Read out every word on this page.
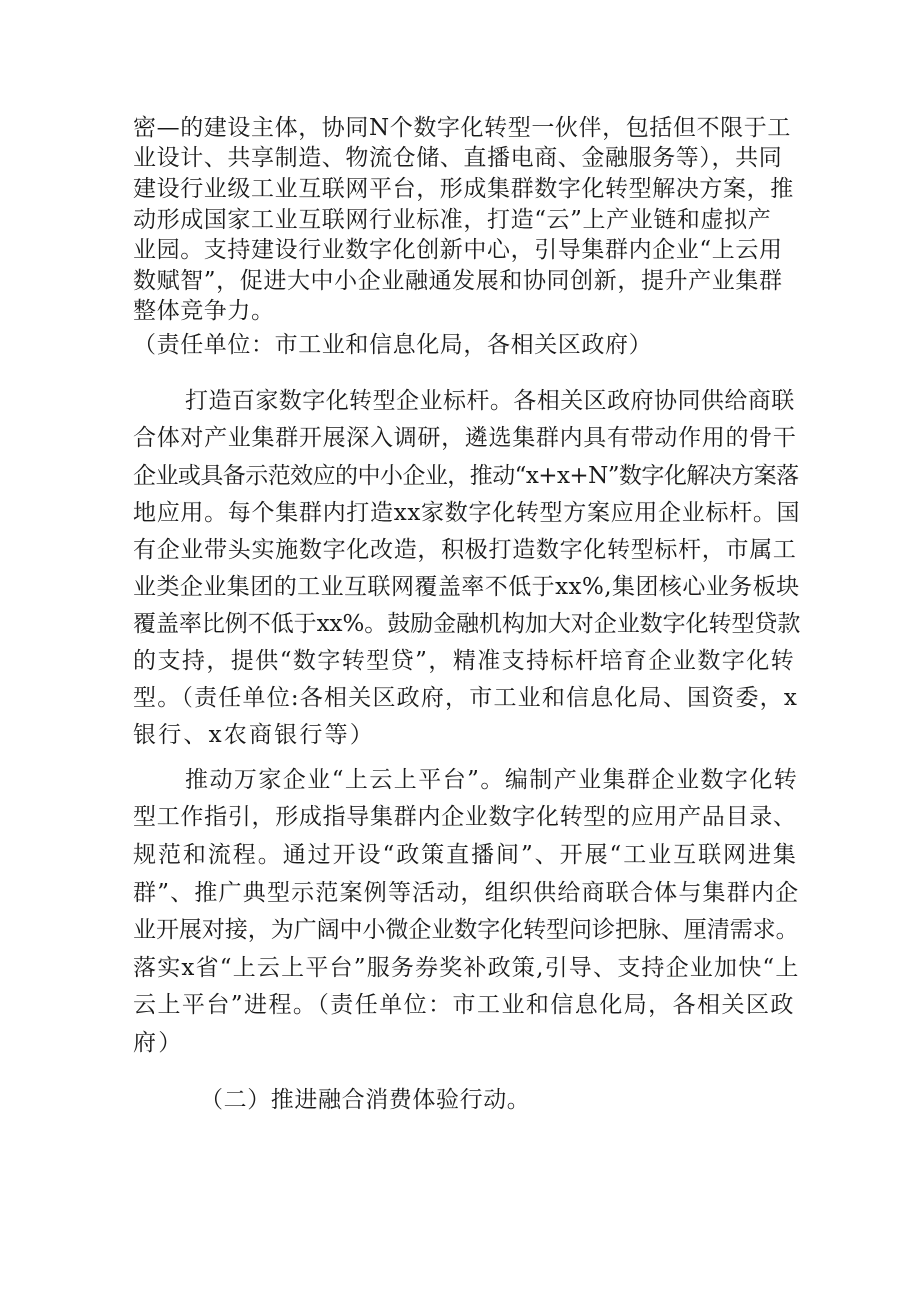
密—的建设主体，协同N个数字化转型一伙伴，包括但不限于工
业设计、共享制造、物流仓储、直播电商、金融服务等），共同
建设行业级工业互联网平台，形成集群数字化转型解决方案，推
动形成国家工业互联网行业标准，打造“云”上产业链和虚拟产
业园。支持建设行业数字化创新中心，引导集群内企业“上云用
数赋智”，促进大中小企业融通发展和协同创新，提升产业集群
整体竞争力。
（责任单位：市工业和信息化局，各相关区政府）
打造百家数字化转型企业标杆。各相关区政府协同供给商联
合体对产业集群开展深入调研，遴选集群内具有带动作用的骨干
企业或具备示范效应的中小企业，推动“x+x+N”数字化解决方案落
地应用。每个集群内打造xx家数字化转型方案应用企业标杆。国
有企业带头实施数字化改造，积极打造数字化转型标杆，市属工
业类企业集团的工业互联网覆盖率不低于xx%,集团核心业务板块
覆盖率比例不低于xx%。鼓励金融机构加大对企业数字化转型贷款
的支持，提供“数字转型贷”，精准支持标杆培育企业数字化转
型。（责任单位:各相关区政府，市工业和信息化局、国资委，x
银行、x农商银行等）
推动万家企业“上云上平台”。编制产业集群企业数字化转
型工作指引，形成指导集群内企业数字化转型的应用产品目录、
规范和流程。通过开设“政策直播间”、开展“工业互联网进集
群”、推广典型示范案例等活动，组织供给商联合体与集群内企
业开展对接，为广阔中小微企业数字化转型问诊把脉、厘清需求。
落实x省“上云上平台”服务券奖补政策,引导、支持企业加快“上
云上平台”进程。（责任单位：市工业和信息化局，各相关区政
府）
（二）推进融合消费体验行动。
